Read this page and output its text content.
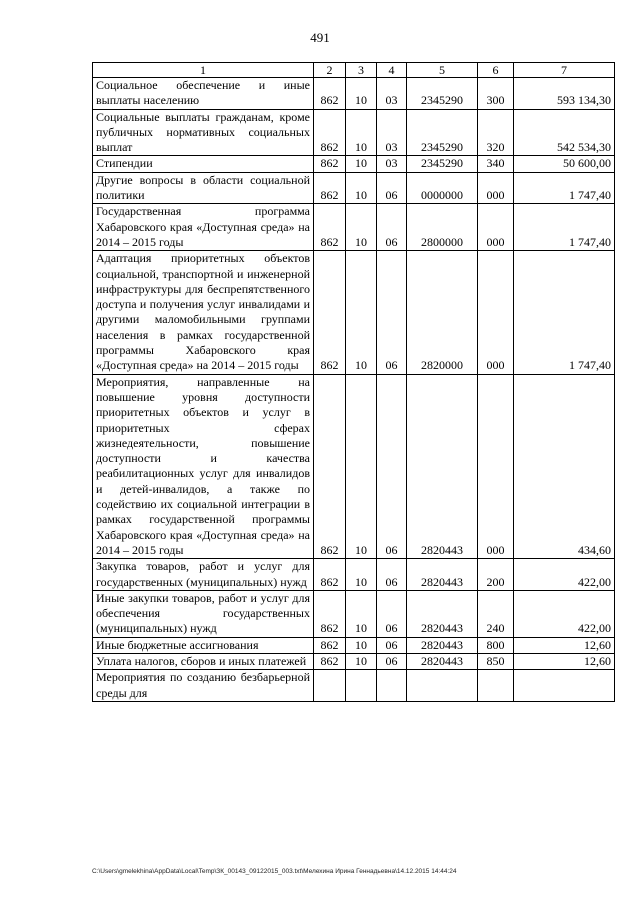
491
1	2	3	4	5	6	7
Социальное обеспечение и иные выплаты населению	862	10	03	2345290	300	593 134,30
Социальные выплаты гражданам, кроме публичных нормативных социальных выплат	862	10	03	2345290	320	542 534,30
Стипендии	862	10	03	2345290	340	50 600,00
Другие вопросы в области социальной политики	862	10	06	0000000	000	1 747,40
Государственная программа Хабаровского края «Доступная среда» на 2014 – 2015 годы	862	10	06	2800000	000	1 747,40
Адаптация приоритетных объектов социальной, транспортной и инженерной инфраструктуры для беспрепятственного доступа и получения услуг инвалидами и другими маломобильными группами населения в рамках государственной программы Хабаровского края «Доступная среда» на 2014 – 2015 годы	862	10	06	2820000	000	1 747,40
Мероприятия, направленные на повышение уровня доступности приоритетных объектов и услуг в приоритетных сферах жизнедеятельности, повышение доступности и качества реабилитационных услуг для инвалидов и детей-инвалидов, а также по содействию их социальной интеграции в рамках государственной программы Хабаровского края «Доступная среда» на 2014 – 2015 годы	862	10	06	2820443	000	434,60
Закупка товаров, работ и услуг для государственных (муниципальных) нужд	862	10	06	2820443	200	422,00
Иные закупки товаров, работ и услуг для обеспечения государственных (муниципальных) нужд	862	10	06	2820443	240	422,00
Иные бюджетные ассигнования	862	10	06	2820443	800	12,60
Уплата налогов, сборов и иных платежей	862	10	06	2820443	850	12,60
Мероприятия по созданию безбарьерной среды для						
C:\Users\gmelekhina\AppData\Local\Temp\ЗК_00143_09122015_003.txt\Мелехина Ирина Геннадьевна\14.12.2015 14:44:24
